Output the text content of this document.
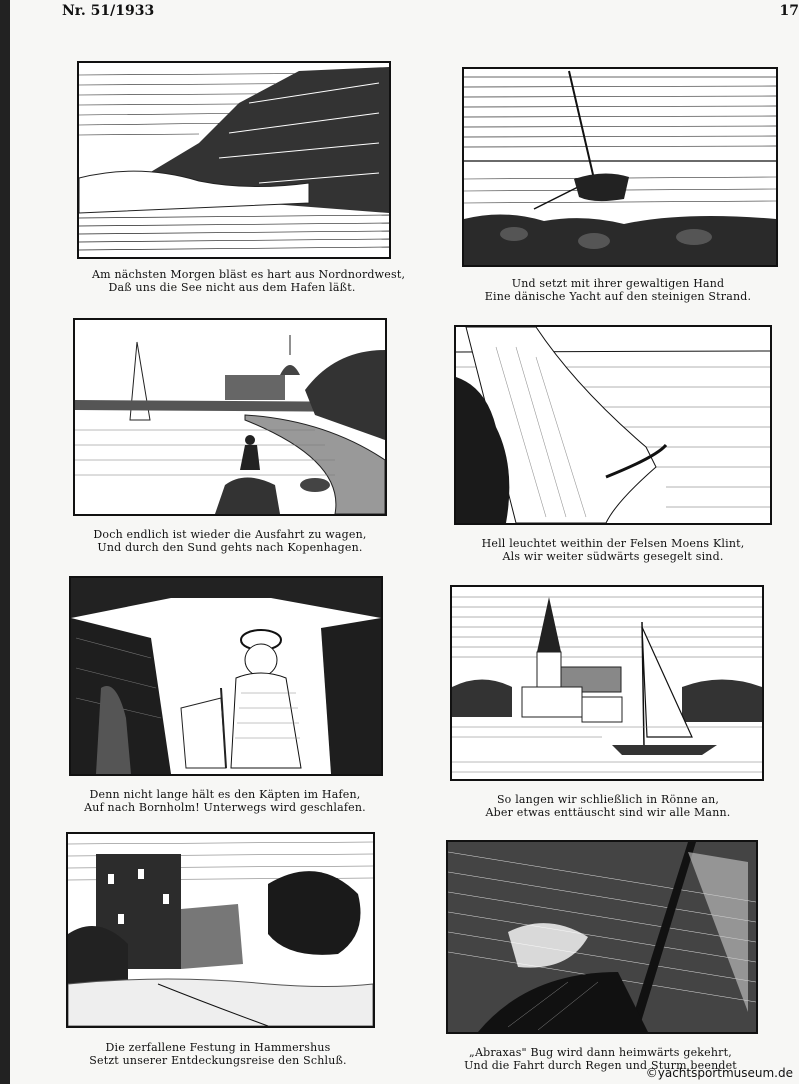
Nr. 51/1933	17
Am nächsten Morgen bläst es hart aus Nordnordwest,
Daß uns die See nicht aus dem Hafen läßt.	Und setzt mit ihrer gewaltigen Hand
Eine dänische Yacht auf den steinigen Strand.
Doch endlich ist wieder die Ausfahrt zu wagen,
Und durch den Sund gehts nach Kopenhagen.	Hell leuchtet weithin der Felsen Moens Klint,
Als wir weiter südwärts gesegelt sind.
Denn nicht lange hält es den Käpten im Hafen,
Auf nach Bornholm! Unterwegs wird geschlafen.
So langen wir schließlich in Rönne an,
Aber etwas enttäuscht sind wir alle Mann.
Die zerfallene Festung in Hammershus
Setzt unserer Entdeckungsreise den Schluß.
„Abraxas" Bug wird dann heimwärts gekehrt,
Und die Fahrt durch Regen und Sturm beendet
©yachtsportmuseum.de
